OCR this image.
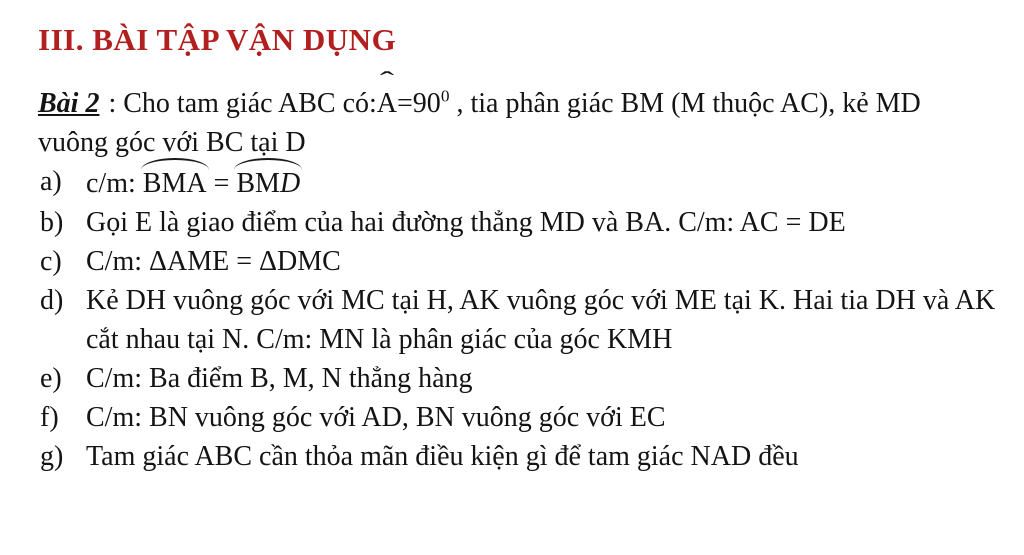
III. BÀI TẬP VẬN DỤNG

Bài 2 : Cho tam giác ABC có:
ˆ
$A=90^0$ , tia phân giác BM (M thuộc AC), kẻ MD vuông góc với BC tại D

a) c/m: BMA = BMD
b) Gọi E là giao điểm của hai đường thẳng MD và BA. C/m: AC = DE
c) C/m: ΔAME = ΔDMC
d) Kẻ DH vuông góc với MC tại H, AK vuông góc với ME tại K. Hai tia DH và AK cắt nhau tại N. C/m: MN là phân giác của góc KMH
e) C/m: Ba điểm B, M, N thẳng hàng
f) C/m: BN vuông góc với AD, BN vuông góc với EC
g) Tam giác ABC cần thỏa mãn điều kiện gì để tam giác NAD đều
